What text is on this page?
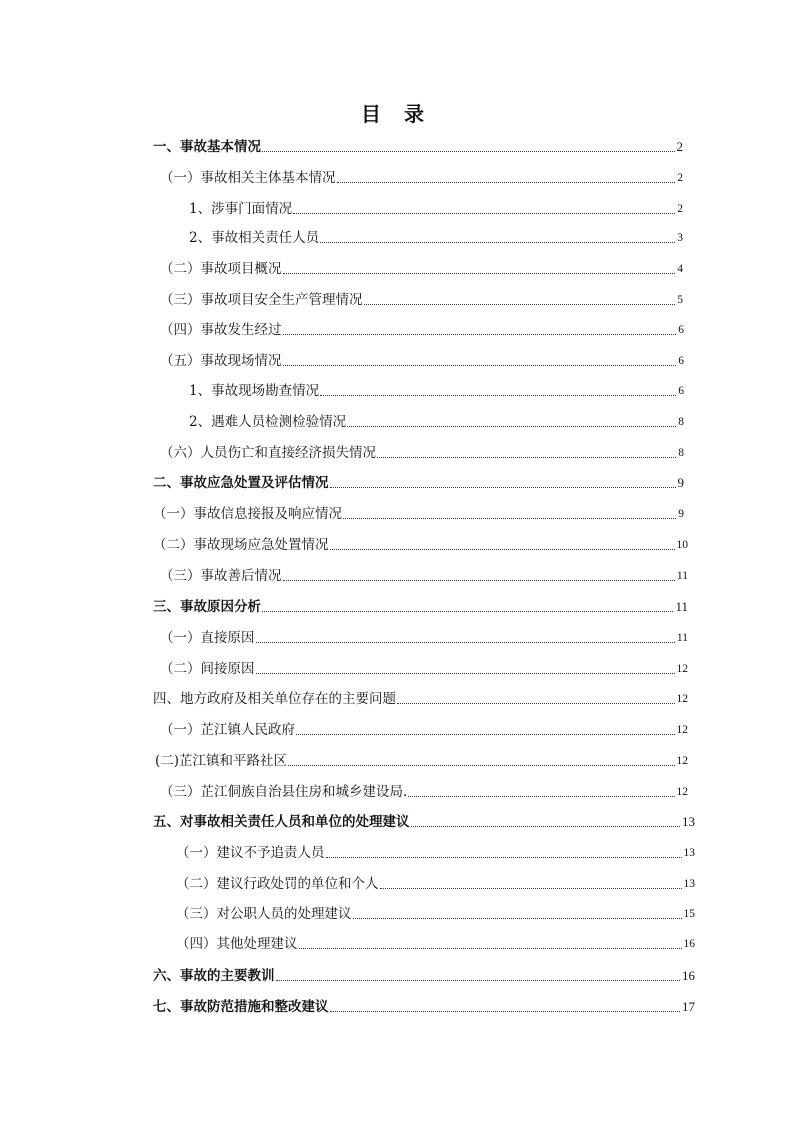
目 录
一、事故基本情况	2
（一）事故相关主体基本情况	2
1、涉事门面情况	2
2、事故相关责任人员	3
（二）事故项目概况	4
（三）事故项目安全生产管理情况	5
（四）事故发生经过	6
（五）事故现场情况	6
1、事故现场勘查情况	6
2、遇难人员检测检验情况	8
（六）人员伤亡和直接经济损失情况	8
二、事故应急处置及评估情况	9
（一）事故信息接报及响应情况	9
（二）事故现场应急处置情况	10
（三）事故善后情况	11
三、事故原因分析	11
（一）直接原因	11
（二）间接原因	12
四、地方政府及相关单位存在的主要问题	12
（一）芷江镇人民政府	12
(二)芷江镇和平路社区	12
（三）芷江侗族自治县住房和城乡建设局.	12
五、对事故相关责任人员和单位的处理建议	13
（一）建议不予追责人员	13
（二）建议行政处罚的单位和个人	13
（三）对公职人员的处理建议	15
（四）其他处理建议	16
六、事故的主要教训	16
七、事故防范措施和整改建议	17
